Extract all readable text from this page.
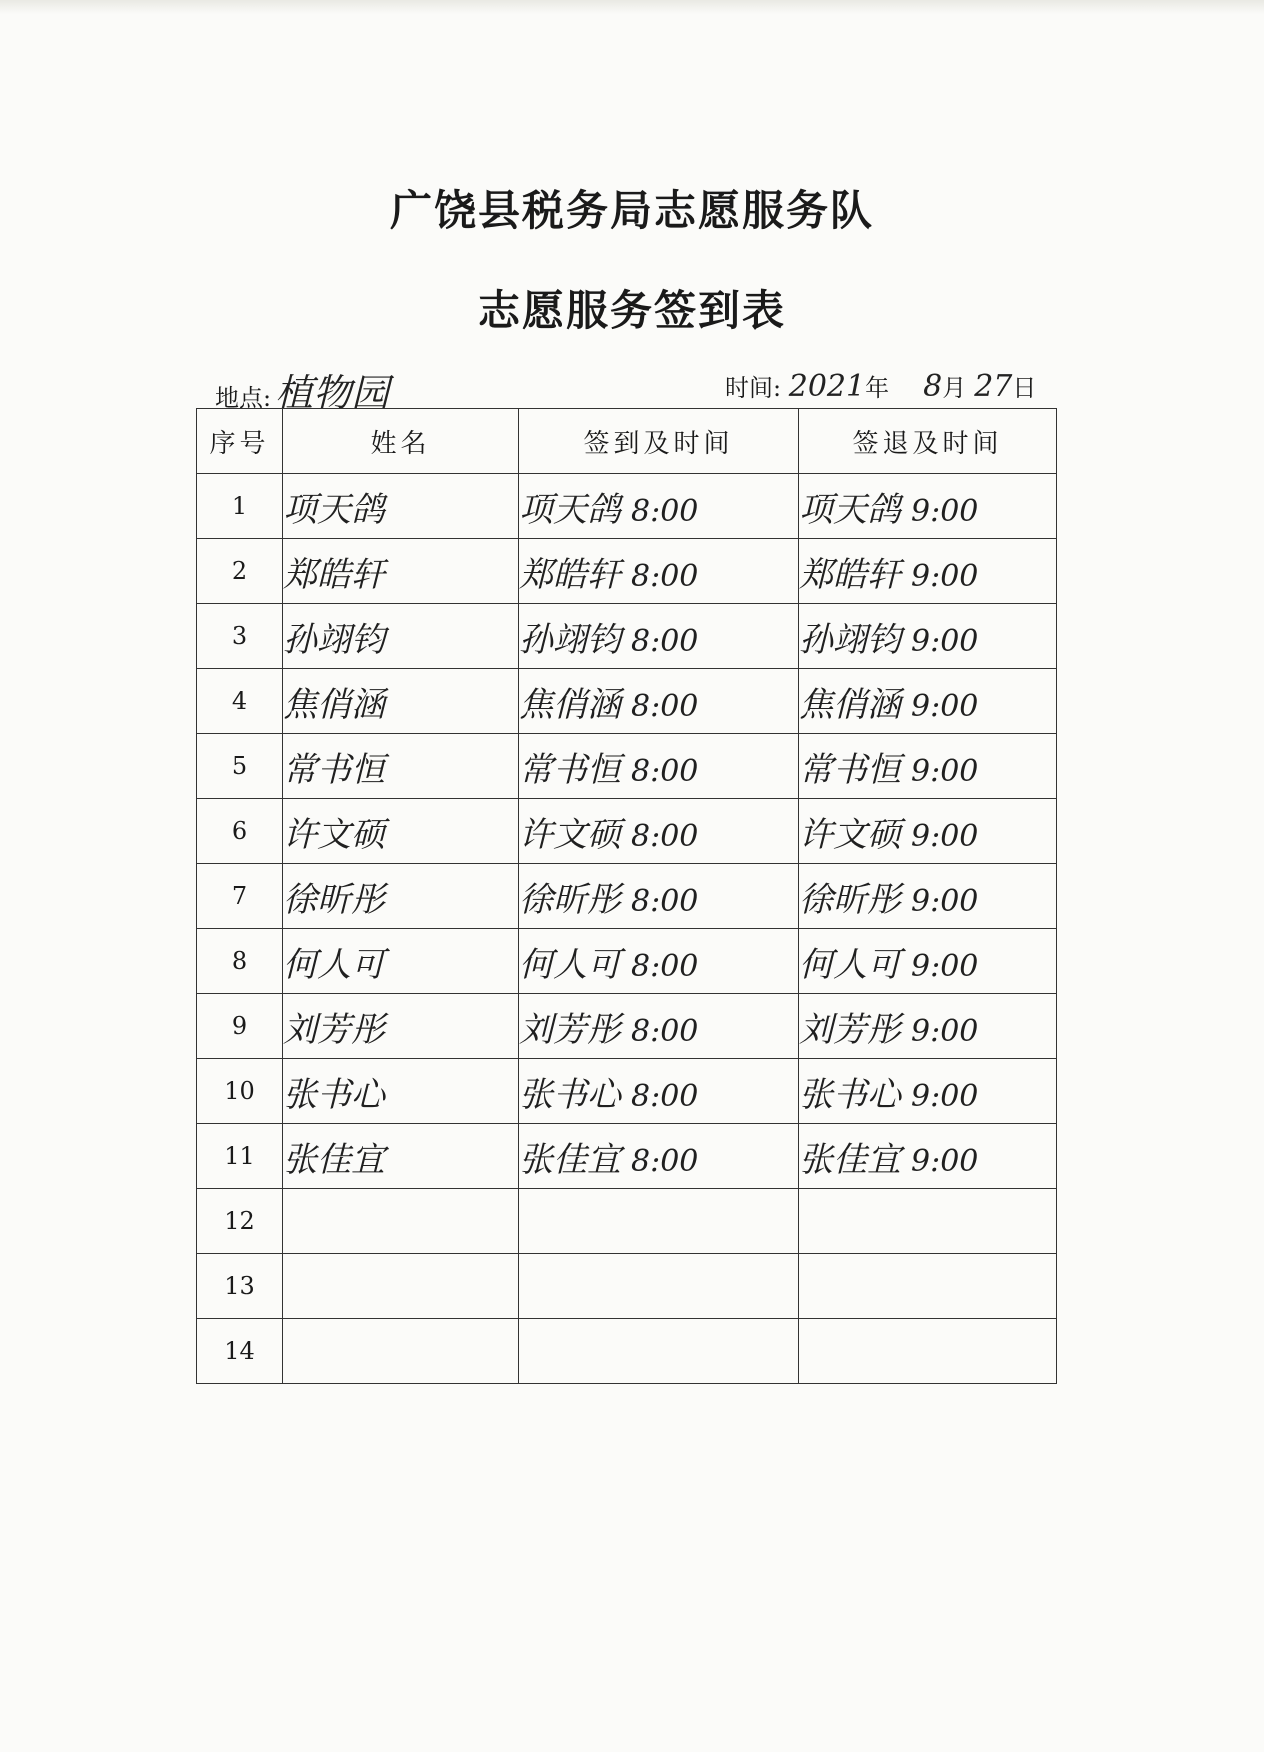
广饶县税务局志愿服务队
志愿服务签到表
地点: 植物园	时间: 2021年 8月 27日
序号	姓名	签到及时间	签退及时间
1	项天鸽	项天鸽 8:00	项天鸽 9:00
2	郑皓轩	郑皓轩 8:00	郑皓轩 9:00
3	孙翊钧	孙翊钧 8:00	孙翊钧 9:00
4	焦俏涵	焦俏涵 8:00	焦俏涵 9:00
5	常书恒	常书恒 8:00	常书恒 9:00
6	许文硕	许文硕 8:00	许文硕 9:00
7	徐昕彤	徐昕彤 8:00	徐昕彤 9:00
8	何人可	何人可 8:00	何人可 9:00
9	刘芳彤	刘芳彤 8:00	刘芳彤 9:00
10	张书心	张书心 8:00	张书心 9:00
11	张佳宜	张佳宜 8:00	张佳宜 9:00
12			
13			
14			
